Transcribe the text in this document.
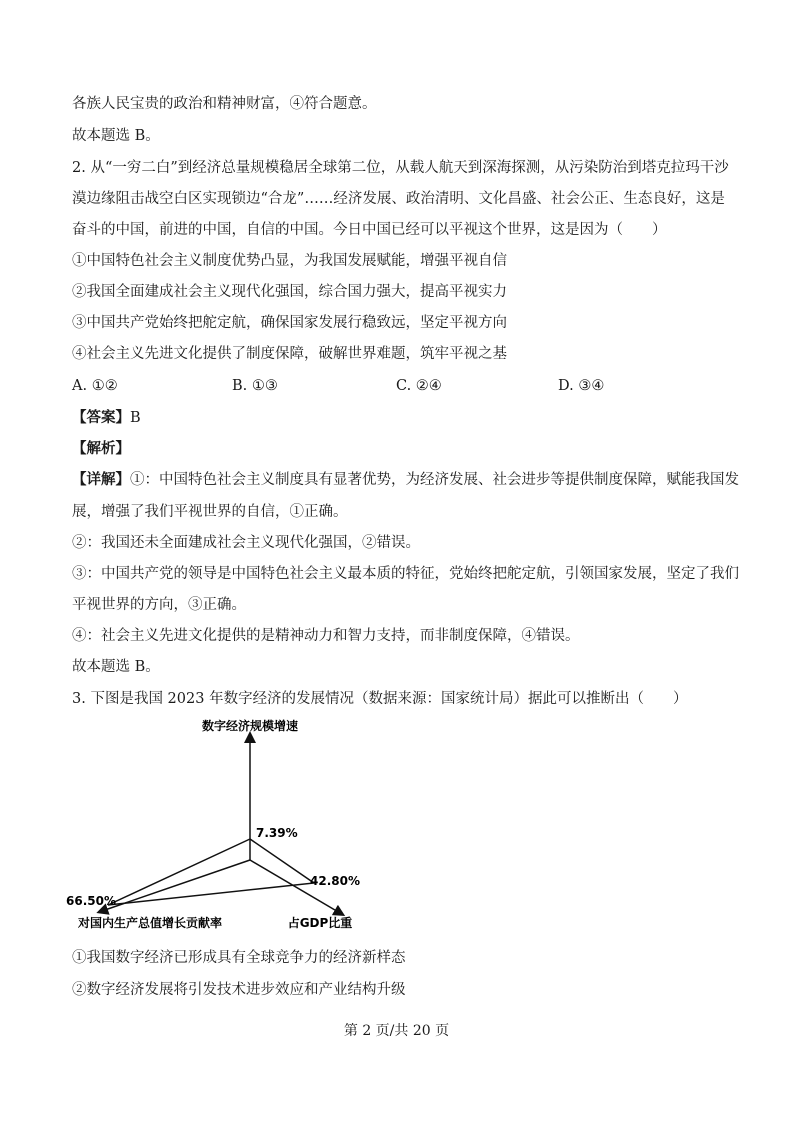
各族人民宝贵的政治和精神财富，④符合题意。
故本题选 B。
2. 从“一穷二白”到经济总量规模稳居全球第二位，从载人航天到深海探测，从污染防治到塔克拉玛干沙
漠边缘阻击战空白区实现锁边“合龙”……经济发展、政治清明、文化昌盛、社会公正、生态良好，这是
奋斗的中国，前进的中国，自信的中国。今日中国已经可以平视这个世界，这是因为（　　）
①中国特色社会主义制度优势凸显，为我国发展赋能，增强平视自信
②我国全面建成社会主义现代化强国，综合国力强大，提高平视实力
③中国共产党始终把舵定航，确保国家发展行稳致远，坚定平视方向
④社会主义先进文化提供了制度保障，破解世界难题，筑牢平视之基
A. ①②	B. ①③	C. ②④	D. ③④
【答案】B
【解析】
【详解】①：中国特色社会主义制度具有显著优势，为经济发展、社会进步等提供制度保障，赋能我国发
展，增强了我们平视世界的自信，①正确。
②：我国还未全面建成社会主义现代化强国，②错误。
③：中国共产党的领导是中国特色社会主义最本质的特征，党始终把舵定航，引领国家发展，坚定了我们
平视世界的方向，③正确。
④：社会主义先进文化提供的是精神动力和智力支持，而非制度保障，④错误。
故本题选 B。
3. 下图是我国 2023 年数字经济的发展情况（数据来源：国家统计局）据此可以推断出（　　）
数字经济规模增速
对国内生产总值增长贡献率	占GDP比重
7.39%
66.50%
42.80%
①我国数字经济已形成具有全球竞争力的经济新样态
②数字经济发展将引发技术进步效应和产业结构升级
第 2 页/共 20 页
